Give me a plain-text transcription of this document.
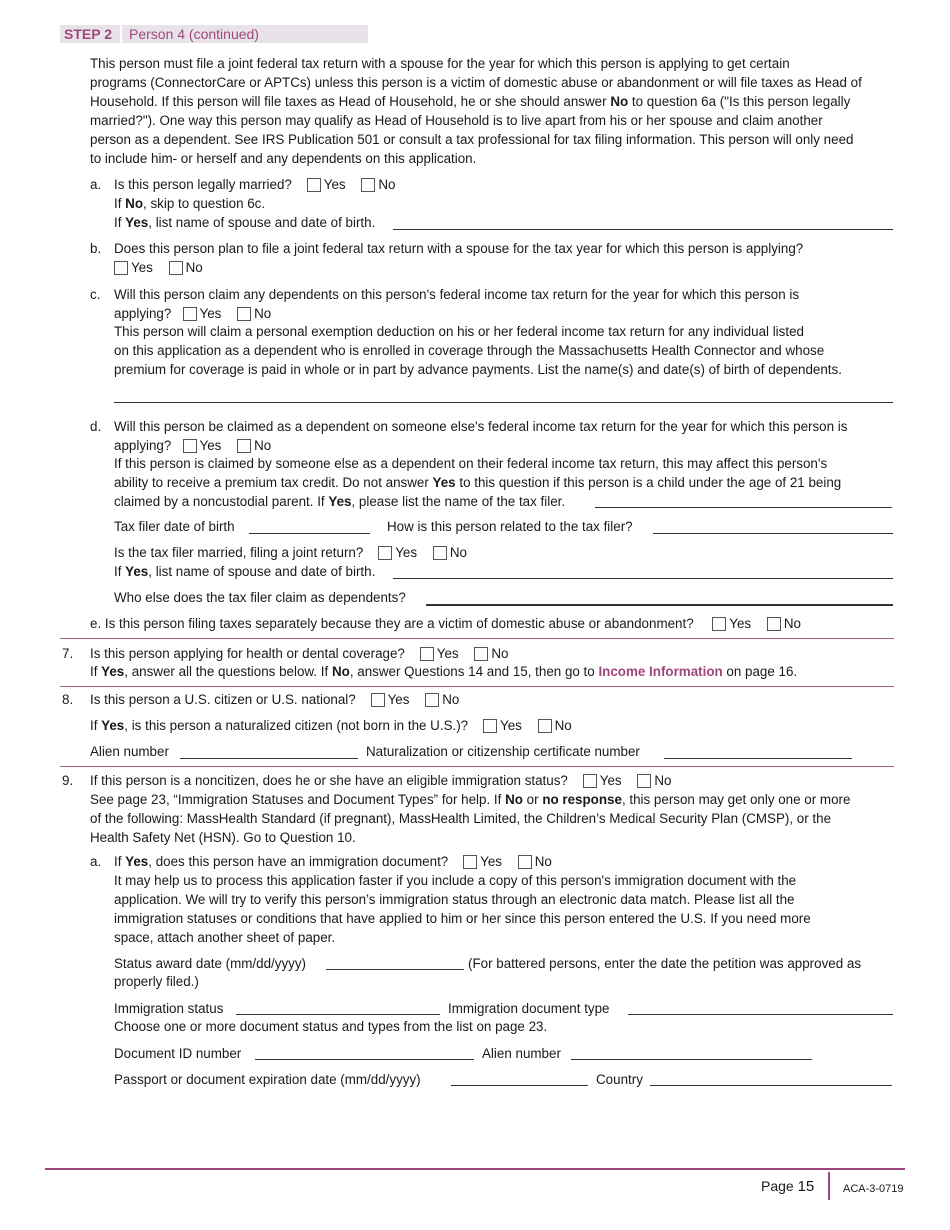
STEP 2 Person 4 (continued)
This person must file a joint federal tax return with a spouse for the year for which this person is applying to get certain
programs (ConnectorCare or APTCs) unless this person is a victim of domestic abuse or abandonment or will file taxes as Head of
Household. If this person will file taxes as Head of Household, he or she should answer No to question 6a ("Is this person legally
married?"). One way this person may qualify as Head of Household is to live apart from his or her spouse and claim another
person as a dependent. See IRS Publication 501 or consult a tax professional for tax filing information. This person will only need
to include him- or herself and any dependents on this application.
a. Is this person legally married? Yes No
If No, skip to question 6c.
If Yes, list name of spouse and date of birth.
b. Does this person plan to file a joint federal tax return with a spouse for the tax year for which this person is applying?
Yes No
c. Will this person claim any dependents on this person's federal income tax return for the year for which this person is
applying? Yes No
This person will claim a personal exemption deduction on his or her federal income tax return for any individual listed
on this application as a dependent who is enrolled in coverage through the Massachusetts Health Connector and whose
premium for coverage is paid in whole or in part by advance payments. List the name(s) and date(s) of birth of dependents.
d. Will this person be claimed as a dependent on someone else's federal income tax return for the year for which this person is
applying? Yes No
If this person is claimed by someone else as a dependent on their federal income tax return, this may affect this person's
ability to receive a premium tax credit. Do not answer Yes to this question if this person is a child under the age of 21 being
claimed by a noncustodial parent. If Yes, please list the name of the tax filer.
Tax filer date of birth	How is this person related to the tax filer?
Is the tax filer married, filing a joint return? Yes No
If Yes, list name of spouse and date of birth.
Who else does the tax filer claim as dependents?
e. Is this person filing taxes separately because they are a victim of domestic abuse or abandonment?	Yes No
7. Is this person applying for health or dental coverage? Yes No
If Yes, answer all the questions below. If No, answer Questions 14 and 15, then go to Income Information on page 16.
8. Is this person a U.S. citizen or U.S. national? Yes No
If Yes, is this person a naturalized citizen (not born in the U.S.)? Yes No
Alien number	Naturalization or citizenship certificate number
9. If this person is a noncitizen, does he or she have an eligible immigration status? Yes No
See page 23, “Immigration Statuses and Document Types” for help. If No or no response, this person may get only one or more
of the following: MassHealth Standard (if pregnant), MassHealth Limited, the Children’s Medical Security Plan (CMSP), or the
Health Safety Net (HSN). Go to Question 10.
a. If Yes, does this person have an immigration document? Yes No
It may help us to process this application faster if you include a copy of this person's immigration document with the
application. We will try to verify this person’s immigration status through an electronic data match. Please list all the
immigration statuses or conditions that have applied to him or her since this person entered the U.S. If you need more
space, attach another sheet of paper.
Status award date (mm/dd/yyyy)	(For battered persons, enter the date the petition was approved as
properly filed.)
Immigration status	Immigration document type
Choose one or more document status and types from the list on page 23.
Document ID number	Alien number
Passport or document expiration date (mm/dd/yyyy)	Country
Page 15	ACA-3-0719
